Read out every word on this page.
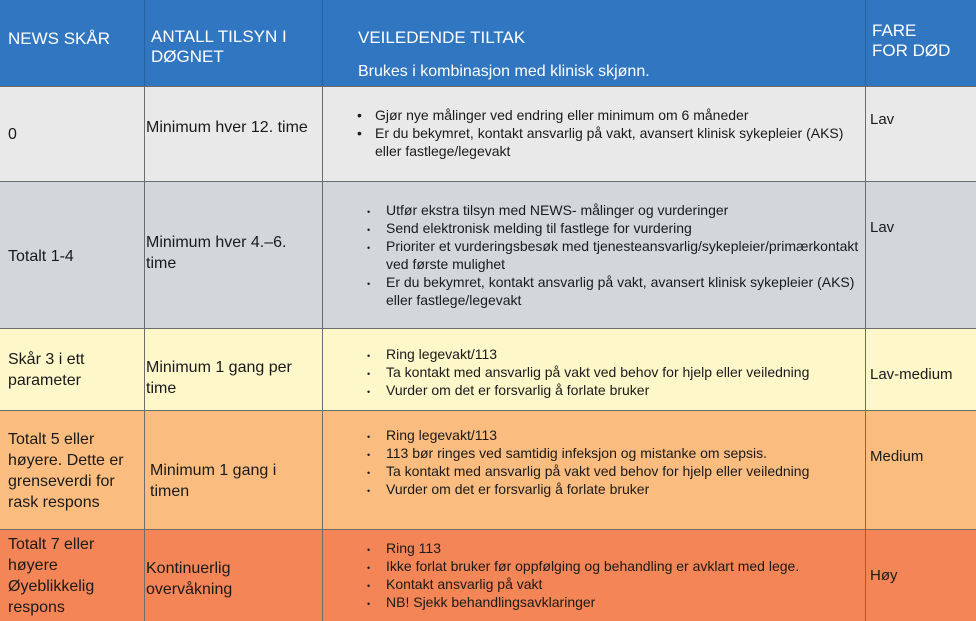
NEWS SKÅR ANTALL TILSYN I DØGNET
VEILEDENDE TILTAK
Brukes i kombinasjon med klinisk skjønn.
FARE FOR DØD
0	Minimum hver 12. time
• Gjør nye målinger ved endring eller minimum om 6 måneder
• Er du bekymret, kontakt ansvarlig på vakt, avansert klinisk sykepleier (AKS) eller fastlege/legevakt
Lav
Totalt 1-4
Minimum hver 4.–6. time
• Utfør ekstra tilsyn med NEWS- målinger og vurderinger
• Send elektronisk melding til fastlege for vurdering
• Prioriter et vurderingsbesøk med tjenesteansvarlig/sykepleier/primærkontakt ved første mulighet
• Er du bekymret, kontakt ansvarlig på vakt, avansert klinisk sykepleier (AKS) eller fastlege/legevakt
Lav
Skår 3 i ett parameter
Minimum 1 gang per time
• Ring legevakt/113
• Ta kontakt med ansvarlig på vakt ved behov for hjelp eller veiledning
• Vurder om det er forsvarlig å forlate bruker
Lav-medium
Totalt 5 eller høyere. Dette er grenseverdi for rask respons
Minimum 1 gang i timen
• Ring legevakt/113
• 113 bør ringes ved samtidig infeksjon og mistanke om sepsis.
• Ta kontakt med ansvarlig på vakt ved behov for hjelp eller veiledning
• Vurder om det er forsvarlig å forlate bruker
Medium
Totalt 7 eller høyere Øyeblikkelig respons
Kontinuerlig overvåkning
• Ring 113
• Ikke forlat bruker før oppfølging og behandling er avklart med lege.
• Kontakt ansvarlig på vakt
• NB! Sjekk behandlingsavklaringer
Høy
